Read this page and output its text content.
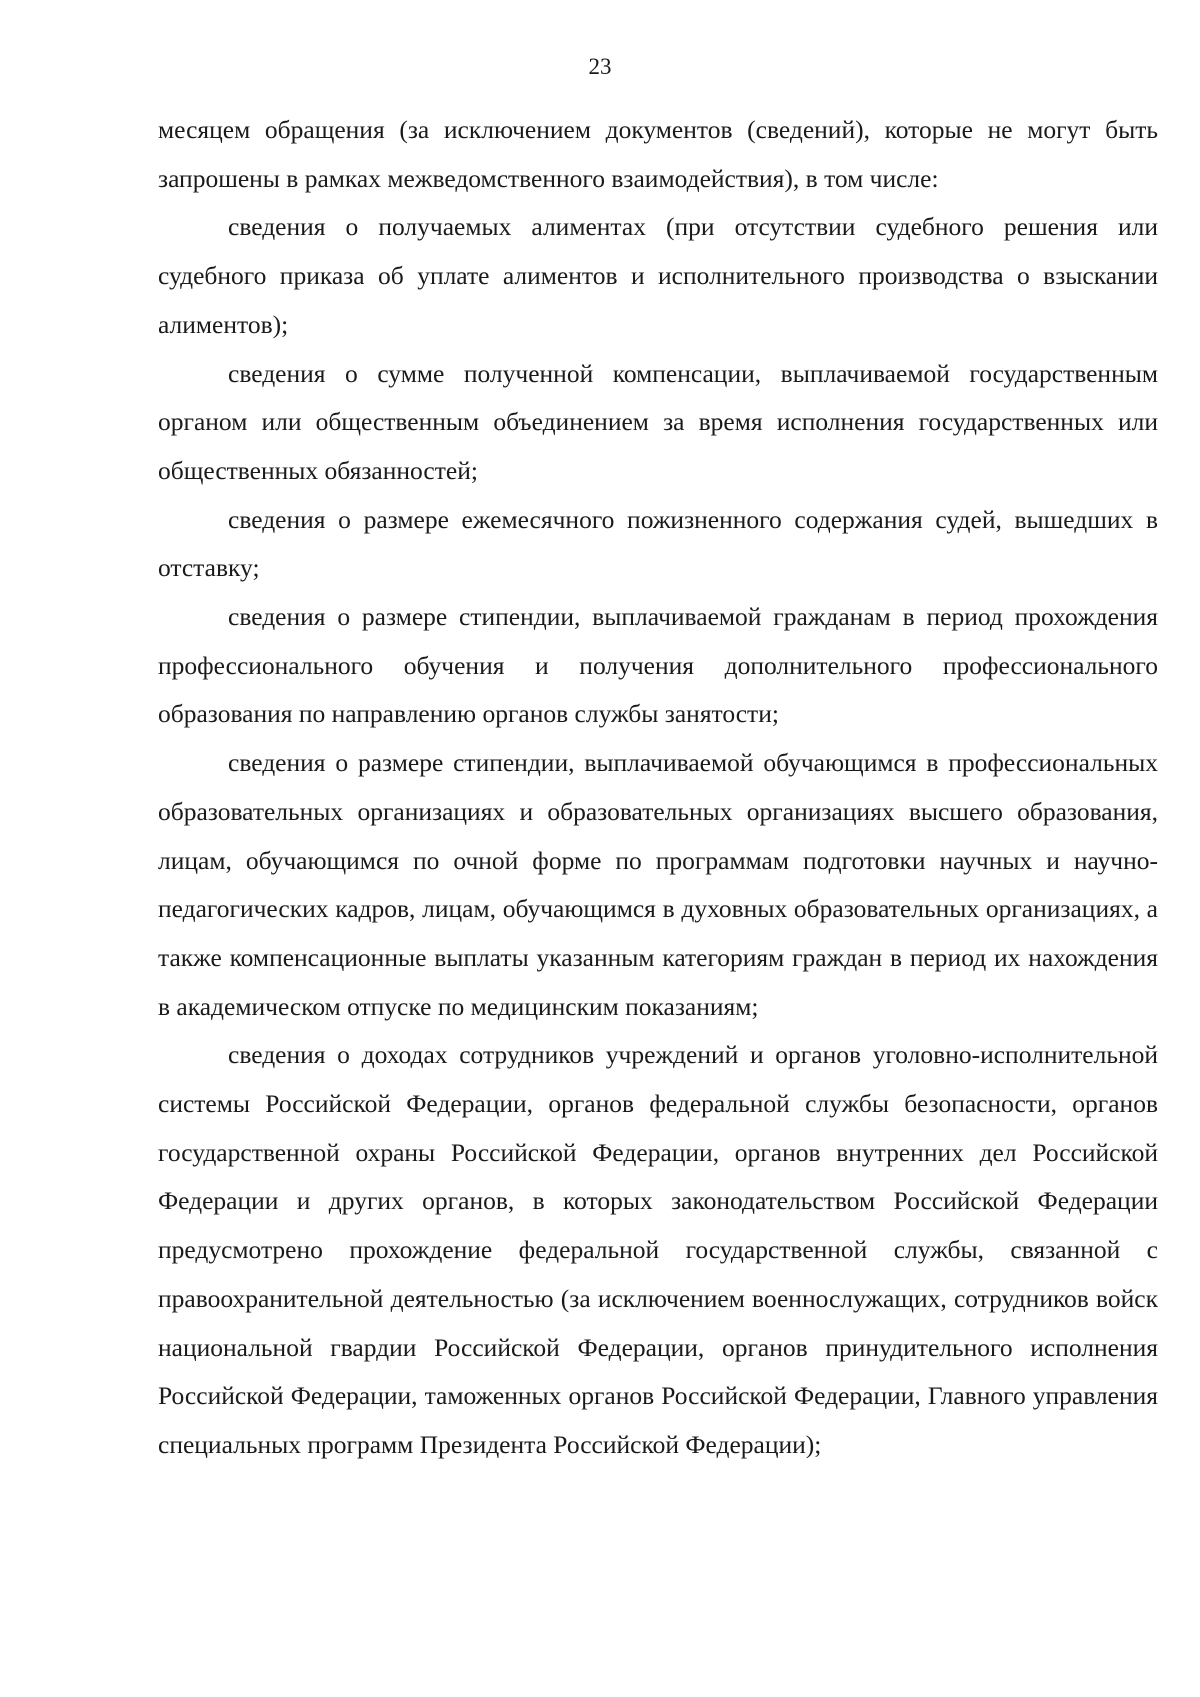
23

месяцем обращения (за исключением документов (сведений), которые не могут быть запрошены в рамках межведомственного взаимодействия), в том числе:

сведения о получаемых алиментах (при отсутствии судебного решения или судебного приказа об уплате алиментов и исполнительного производства о взыскании алиментов);

сведения о сумме полученной компенсации, выплачиваемой государственным органом или общественным объединением за время исполнения государственных или общественных обязанностей;

сведения о размере ежемесячного пожизненного содержания судей, вышедших в отставку;

сведения о размере стипендии, выплачиваемой гражданам в период прохождения профессионального обучения и получения дополнительного профессионального образования по направлению органов службы занятости;

сведения о размере стипендии, выплачиваемой обучающимся в профессиональных образовательных организациях и образовательных организациях высшего образования, лицам, обучающимся по очной форме по программам подготовки научных и научно-педагогических кадров, лицам, обучающимся в духовных образовательных организациях, а также компенсационные выплаты указанным категориям граждан в период их нахождения в академическом отпуске по медицинским показаниям;

сведения о доходах сотрудников учреждений и органов уголовно-исполнительной системы Российской Федерации, органов федеральной службы безопасности, органов государственной охраны Российской Федерации, органов внутренних дел Российской Федерации и других органов, в которых законодательством Российской Федерации предусмотрено прохождение федеральной государственной службы, связанной с правоохранительной деятельностью (за исключением военнослужащих, сотрудников войск национальной гвардии Российской Федерации, органов принудительного исполнения Российской Федерации, таможенных органов Российской Федерации, Главного управления специальных программ Президента Российской Федерации);
